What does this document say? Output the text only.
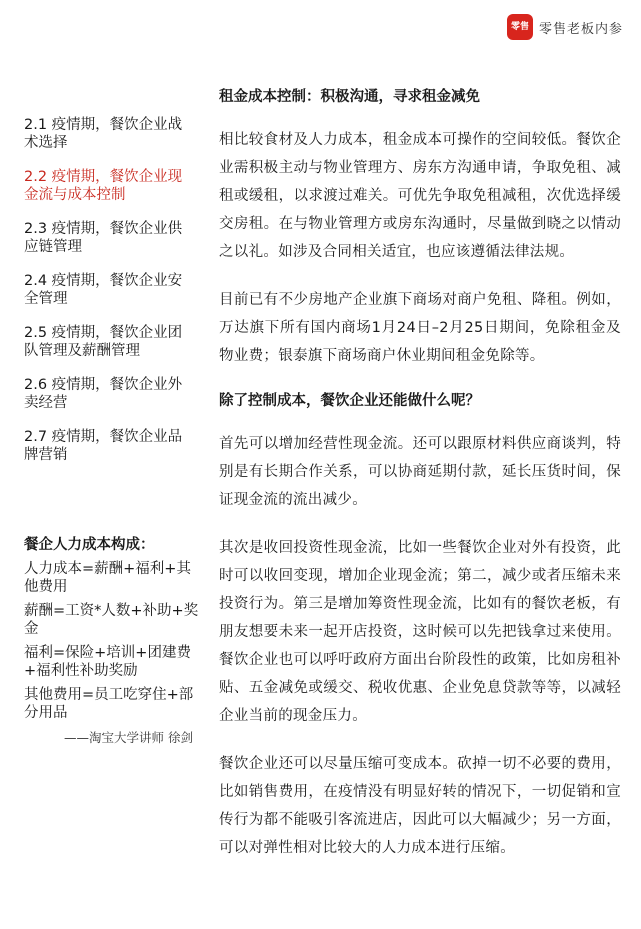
零售 零售老板内参
2.1 疫情期，餐饮企业战术选择
2.2 疫情期，餐饮企业现金流与成本控制
2.3 疫情期，餐饮企业供应链管理
2.4 疫情期，餐饮企业安全管理
2.5 疫情期，餐饮企业团队管理及薪酬管理
2.6 疫情期，餐饮企业外卖经营
2.7 疫情期，餐饮企业品牌营销
餐企人力成本构成：
人力成本=薪酬+福利+其他费用
薪酬=工资*人数+补助+奖金
福利=保险+培训+团建费+福利性补助奖励
其他费用=员工吃穿住+部分用品
——淘宝大学讲师 徐剑
租金成本控制：积极沟通，寻求租金减免

相比较食材及人力成本，租金成本可操作的空间较低。餐饮企业需积极主动与物业管理方、房东方沟通申请，争取免租、减租或缓租，以求渡过难关。可优先争取免租减租，次优选择缓交房租。在与物业管理方或房东沟通时，尽量做到晓之以情动之以礼。如涉及合同相关适宜，也应该遵循法律法规。

目前已有不少房地产企业旗下商场对商户免租、降租。例如，万达旗下所有国内商场1月24日–2月25日期间，免除租金及物业费；银泰旗下商场商户休业期间租金免除等。

除了控制成本，餐饮企业还能做什么呢？

首先可以增加经营性现金流。还可以跟原材料供应商谈判，特别是有长期合作关系，可以协商延期付款，延长压货时间，保证现金流的流出减少。

其次是收回投资性现金流，比如一些餐饮企业对外有投资，此时可以收回变现，增加企业现金流；第二，减少或者压缩未来投资行为。第三是增加筹资性现金流，比如有的餐饮老板，有朋友想要未来一起开店投资，这时候可以先把钱拿过来使用。餐饮企业也可以呼吁政府方面出台阶段性的政策，比如房租补贴、五金减免或缓交、税收优惠、企业免息贷款等等，以减轻企业当前的现金压力。

餐饮企业还可以尽量压缩可变成本。砍掉一切不必要的费用，比如销售费用，在疫情没有明显好转的情况下，一切促销和宣传行为都不能吸引客流进店，因此可以大幅减少；另一方面，可以对弹性相对比较大的人力成本进行压缩。
